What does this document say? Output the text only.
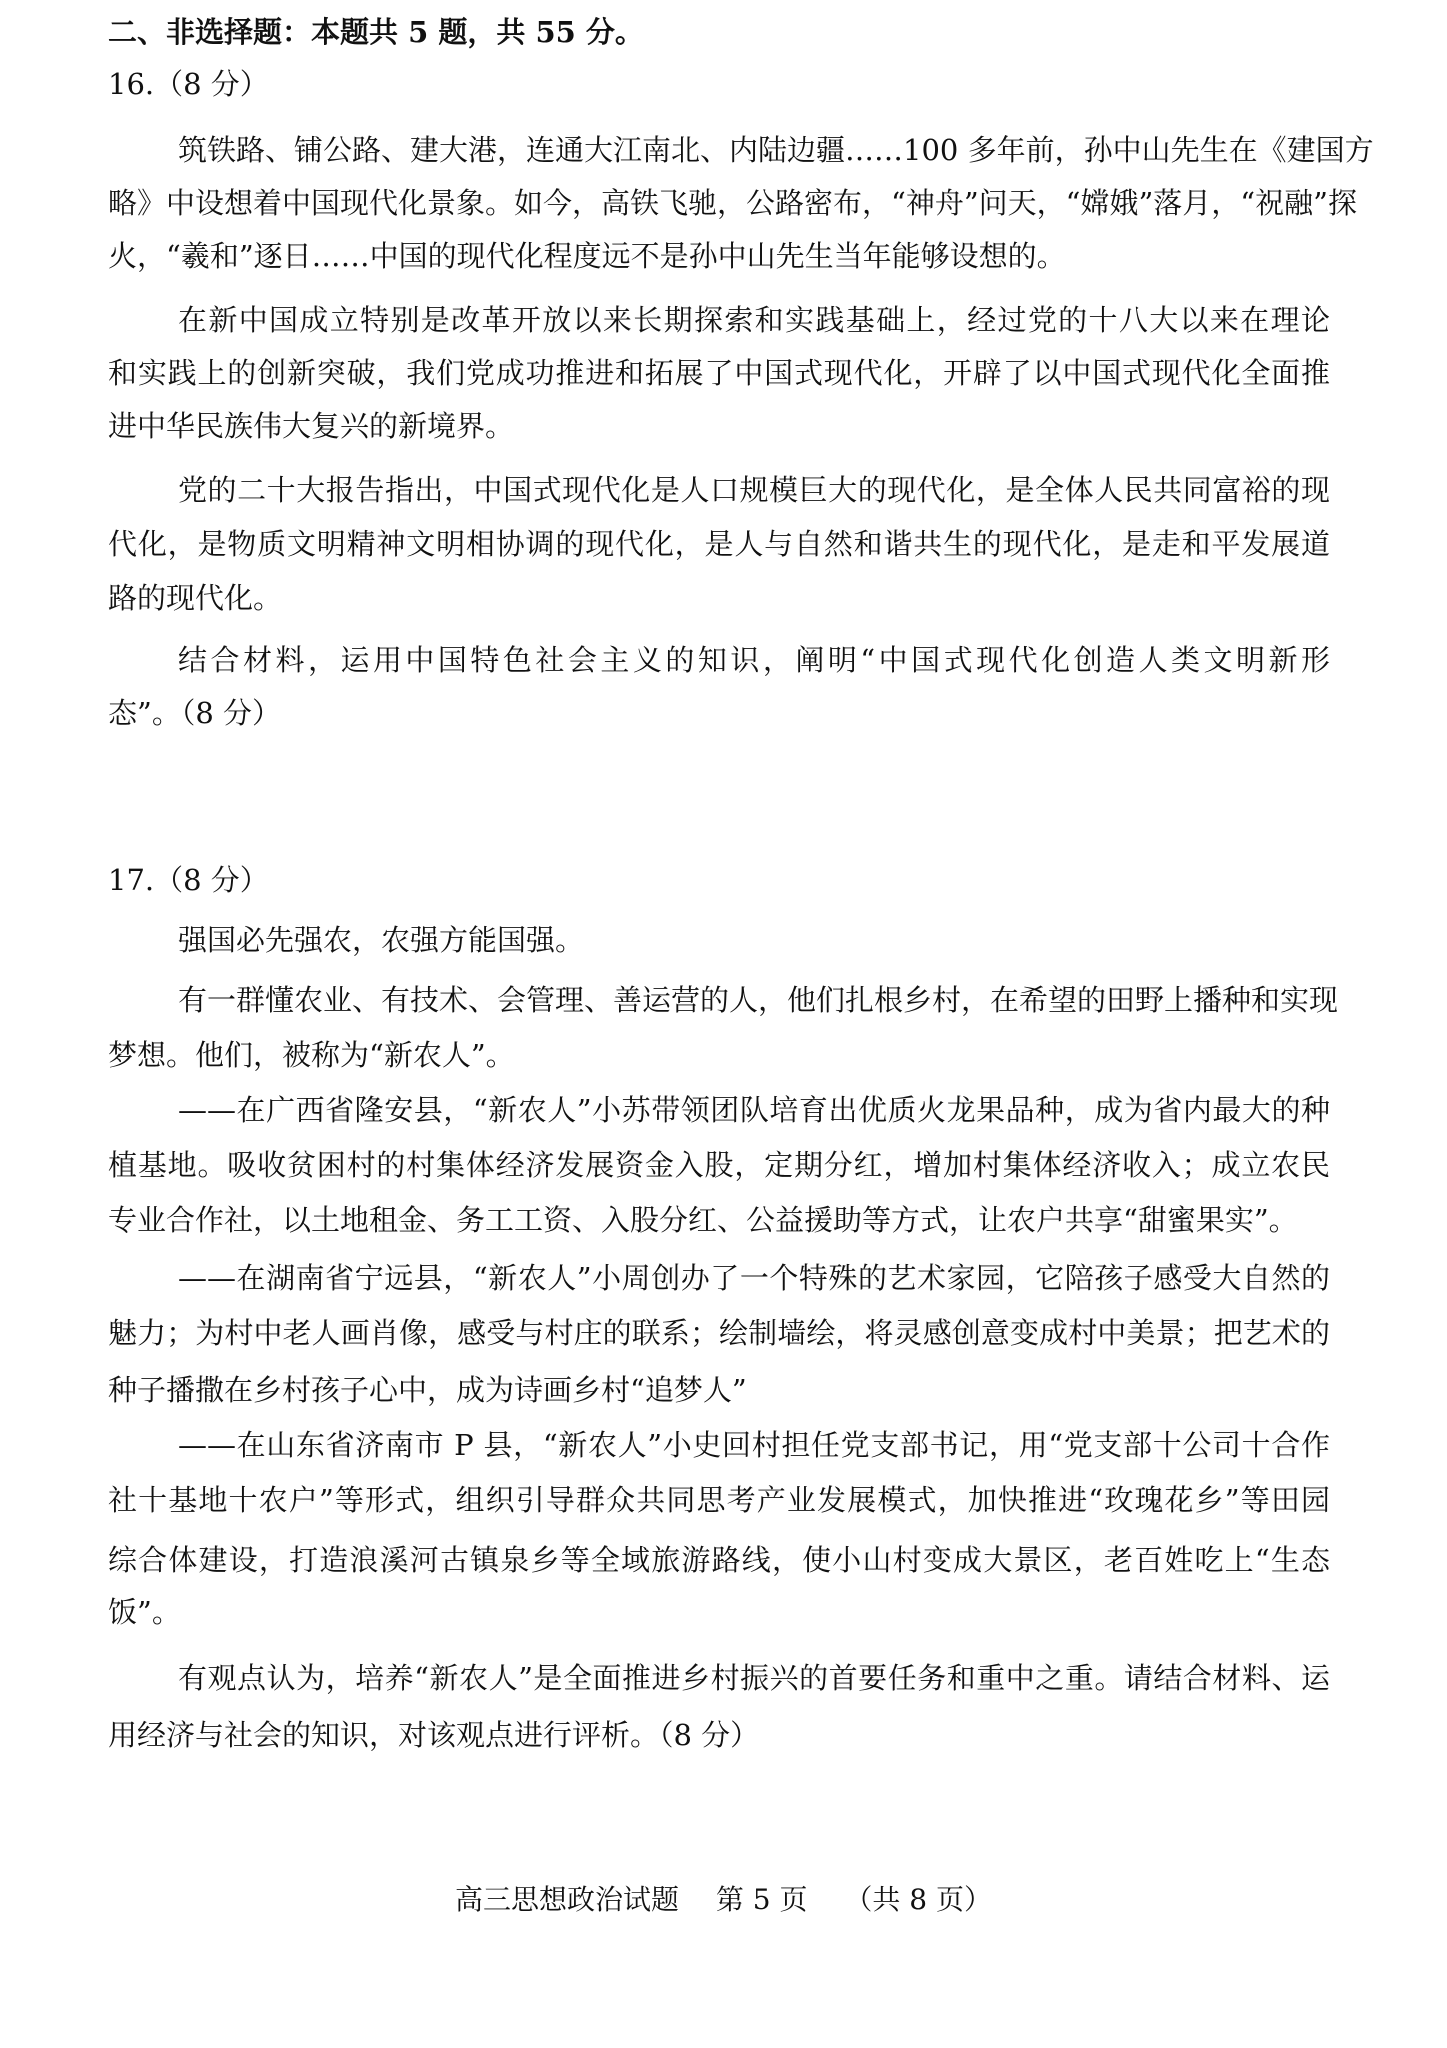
二、非选择题：本题共 5 题，共 55 分。
16.（8 分）
筑铁路、铺公路、建大港，连通大江南北、内陆边疆……100 多年前，孙中山先生在《建国方
略》中设想着中国现代化景象。如今，高铁飞驰，公路密布，“神舟”问天，“嫦娥”落月，“祝融”探
火，“羲和”逐日……中国的现代化程度远不是孙中山先生当年能够设想的。
在新中国成立特别是改革开放以来长期探索和实践基础上，经过党的十八大以来在理论
和实践上的创新突破，我们党成功推进和拓展了中国式现代化，开辟了以中国式现代化全面推
进中华民族伟大复兴的新境界。
党的二十大报告指出，中国式现代化是人口规模巨大的现代化，是全体人民共同富裕的现
代化，是物质文明精神文明相协调的现代化，是人与自然和谐共生的现代化，是走和平发展道
路的现代化。
结合材料，运用中国特色社会主义的知识，阐明“中国式现代化创造人类文明新形
态”。（8 分）
17.（8 分）
强国必先强农，农强方能国强。
有一群懂农业、有技术、会管理、善运营的人，他们扎根乡村，在希望的田野上播种和实现
梦想。他们，被称为“新农人”。
——在广西省隆安县，“新农人”小苏带领团队培育出优质火龙果品种，成为省内最大的种
植基地。吸收贫困村的村集体经济发展资金入股，定期分红，增加村集体经济收入；成立农民
专业合作社，以土地租金、务工工资、入股分红、公益援助等方式，让农户共享“甜蜜果实”。
——在湖南省宁远县，“新农人”小周创办了一个特殊的艺术家园，它陪孩子感受大自然的
魅力；为村中老人画肖像，感受与村庄的联系；绘制墙绘，将灵感创意变成村中美景；把艺术的
种子播撒在乡村孩子心中，成为诗画乡村“追梦人”
——在山东省济南市 P 县，“新农人”小史回村担任党支部书记，用“党支部十公司十合作
社十基地十农户”等形式，组织引导群众共同思考产业发展模式，加快推进“玫瑰花乡”等田园
综合体建设，打造浪溪河古镇泉乡等全域旅游路线，使小山村变成大景区，老百姓吃上“生态
饭”。
有观点认为，培养“新农人”是全面推进乡村振兴的首要任务和重中之重。请结合材料、运
用经济与社会的知识，对该观点进行评析。（8 分）
高三思想政治试题 第 5 页 （共 8 页）
